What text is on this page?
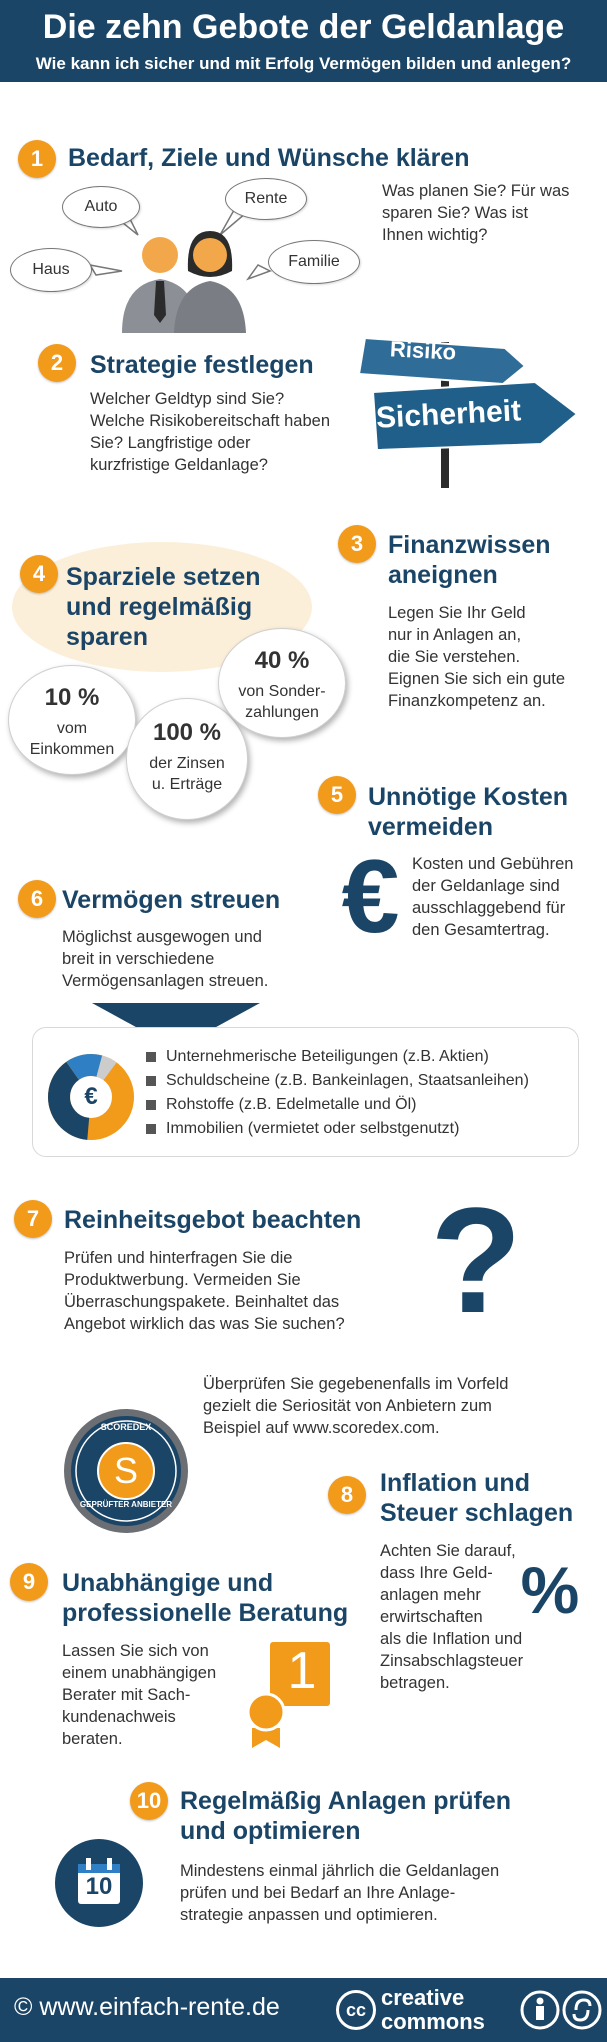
Die zehn Gebote der Geldanlage
Wie kann ich sicher und mit Erfolg Vermögen bilden und anlegen?
1 Bedarf, Ziele und Wünsche klären
Was planen Sie? Für was
sparen Sie? Was ist
Ihnen wichtig?
Auto	Rente
Haus	Familie
2	Strategie festlegen
Welcher Geldtyp sind Sie?
Welche Risikobereitschaft haben
Sie? Langfristige oder
kurzfristige Geldanlage?
Risiko
Sicherheit
3 Finanzwissen
aneignen
Legen Sie Ihr Geld
nur in Anlagen an,
die Sie verstehen.
Eignen Sie sich ein gute
Finanzkompetenz an.
4 Sparziele setzen
und regelmäßig
sparen
10 %
vom
Einkommen
100 %
der Zinsen
u. Erträge
40 %
von Sonder-
zahlungen
5 Unnötige Kosten
vermeiden
€ Kosten und Gebühren
der Geldanlage sind
ausschlaggebend für
den Gesamtertrag.
6 Vermögen streuen
Möglichst ausgewogen und
breit in verschiedene
Vermögensanlagen streuen.
€
Unternehmerische Beteiligungen (z.B. Aktien)
Schuldscheine (z.B. Bankeinlagen, Staatsanleihen)
Rohstoffe (z.B. Edelmetalle und Öl)
Immobilien (vermietet oder selbstgenutzt)
7 Reinheitsgebot beachten
Prüfen und hinterfragen Sie die
Produktwerbung. Vermeiden Sie
Überraschungspakete. Beinhaltet das
Angebot wirklich das was Sie suchen? ?
Überprüfen Sie gegebenenfalls im Vorfeld
gezielt die Seriosität von Anbietern zum
Beispiel auf www.scoredex.com.
S
SCOREDEX
GEPRÜFTER ANBIETER	8	Inflation und
Steuer schlagen
Achten Sie darauf,
dass Ihre Geld-
anlagen mehr
erwirtschaften
als die Inflation und
Zinsabschlagsteuer
betragen.
%
9	Unabhängige und
professionelle Beratung
Lassen Sie sich von
einem unabhängigen
Berater mit Sach-
kundenachweis
beraten.
1
10 Regelmäßig Anlagen prüfen
und optimieren
Mindestens einmal jährlich die Geldanlagen
prüfen und bei Bedarf an Ihre Anlage-
strategie anpassen und optimieren.
10
© www.einfach-rente.de	cc creative
commons
